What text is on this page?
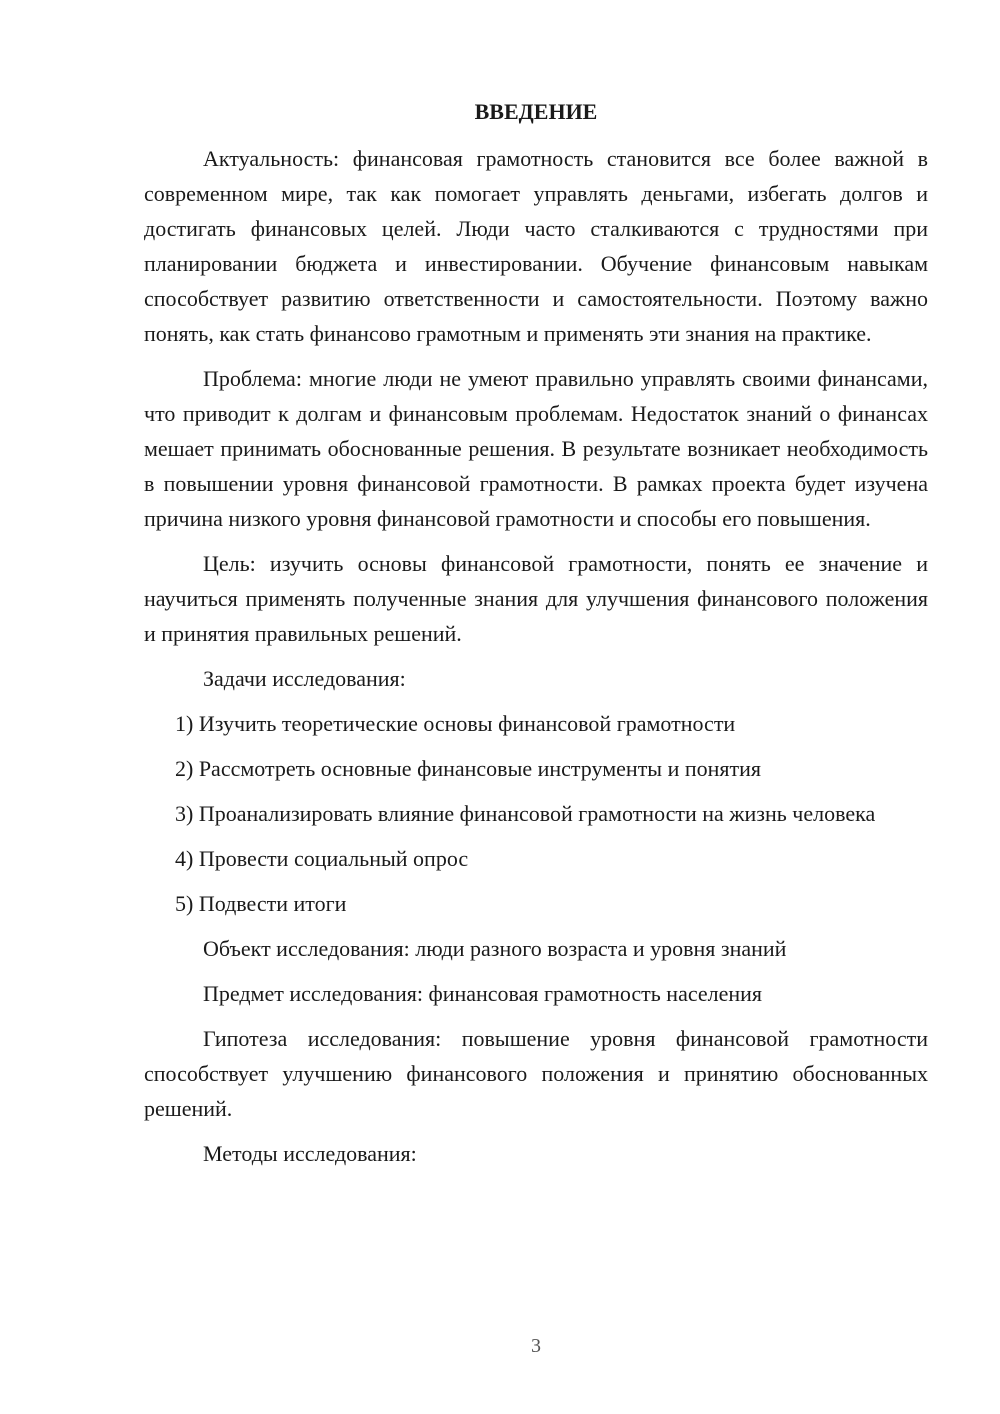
ВВЕДЕНИЕ

Актуальность: финансовая грамотность становится все более важной в современном мире, так как помогает управлять деньгами, избегать долгов и достигать финансовых целей. Люди часто сталкиваются с трудностями при планировании бюджета и инвестировании. Обучение финансовым навыкам способствует развитию ответственности и самостоятельности. Поэтому важно понять, как стать финансово грамотным и применять эти знания на практике.

Проблема: многие люди не умеют правильно управлять своими финансами, что приводит к долгам и финансовым проблемам. Недостаток знаний о финансах мешает принимать обоснованные решения. В результате возникает необходимость в повышении уровня финансовой грамотности. В рамках проекта будет изучена причина низкого уровня финансовой грамотности и способы его повышения.

Цель: изучить основы финансовой грамотности, понять ее значение и научиться применять полученные знания для улучшения финансового положения и принятия правильных решений.

Задачи исследования:

1) Изучить теоретические основы финансовой грамотности

2) Рассмотреть основные финансовые инструменты и понятия

3) Проанализировать влияние финансовой грамотности на жизнь человека

4) Провести социальный опрос

5) Подвести итоги

Объект исследования: люди разного возраста и уровня знаний

Предмет исследования: финансовая грамотность населения

Гипотеза исследования: повышение уровня финансовой грамотности способствует улучшению финансового положения и принятию обоснованных решений.

Методы исследования:

3
